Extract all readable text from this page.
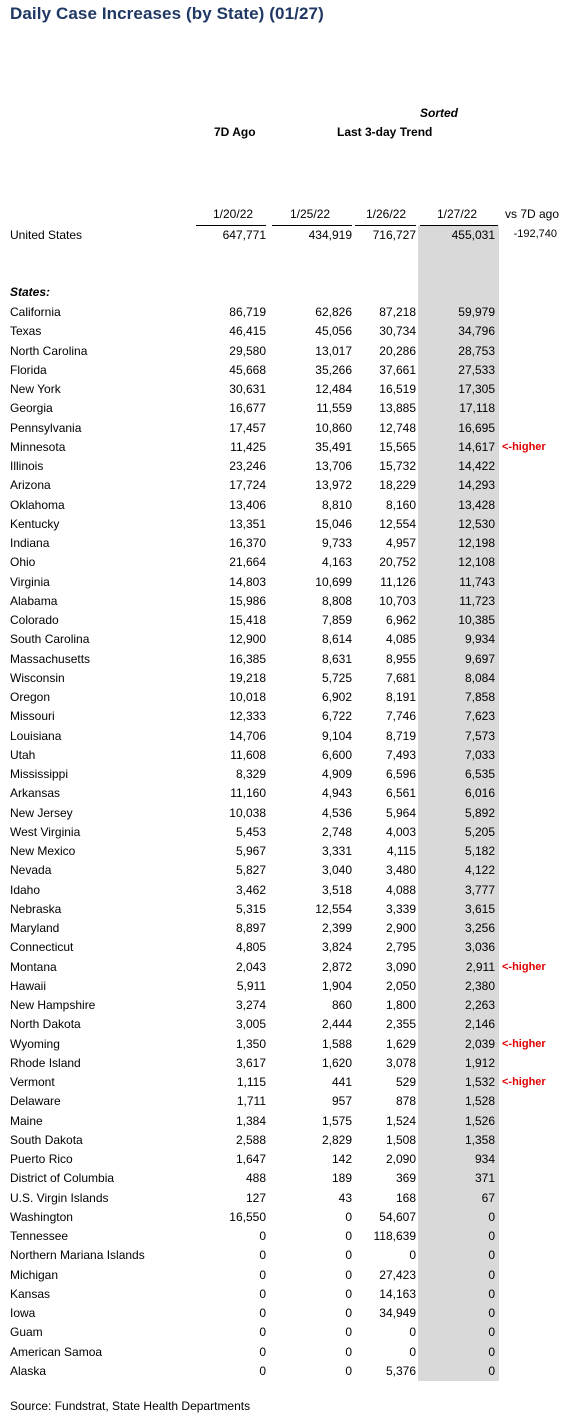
Daily Case Increases (by State) (01/27)
Sorted
7D Ago	Last 3-day Trend
1/20/22	1/25/22	1/26/22	1/27/22 vs 7D ago
United States	647,771	434,919 716,727	455,031 -192,740
States:
California	86,719	62,826 87,218	59,979
Texas	46,415	45,056 30,734	34,796
North Carolina	29,580	13,017 20,286	28,753
Florida	45,668	35,266 37,661	27,533
New York	30,631	12,484 16,519	17,305
Georgia	16,677	11,559 13,885	17,118
Pennsylvania	17,457	10,860 12,748	16,695
Minnesota	11,425	35,491 15,565	14,617 <-higher
Illinois	23,246	13,706 15,732	14,422
Arizona	17,724	13,972 18,229	14,293
Oklahoma	13,406	8,810	8,160	13,428
Kentucky	13,351	15,046 12,554	12,530
Indiana	16,370	9,733	4,957	12,198
Ohio	21,664	4,163 20,752	12,108
Virginia	14,803	10,699 11,126	11,743
Alabama	15,986	8,808 10,703	11,723
Colorado	15,418	7,859	6,962	10,385
South Carolina	12,900	8,614	4,085	9,934
Massachusetts	16,385	8,631	8,955	9,697
Wisconsin	19,218	5,725	7,681	8,084
Oregon	10,018	6,902	8,191	7,858
Missouri	12,333	6,722	7,746	7,623
Louisiana	14,706	9,104	8,719	7,573
Utah	11,608	6,600	7,493	7,033
Mississippi	8,329	4,909	6,596	6,535
Arkansas	11,160	4,943	6,561	6,016
New Jersey	10,038	4,536	5,964	5,892
West Virginia	5,453	2,748	4,003	5,205
New Mexico	5,967	3,331	4,115	5,182
Nevada	5,827	3,040	3,480	4,122
Idaho	3,462	3,518	4,088	3,777
Nebraska	5,315	12,554	3,339	3,615
Maryland	8,897	2,399	2,900	3,256
Connecticut	4,805	3,824	2,795	3,036
Montana	2,043	2,872	3,090	2,911 <-higher
Hawaii	5,911	1,904	2,050	2,380
New Hampshire	3,274	860	1,800	2,263
North Dakota	3,005	2,444	2,355	2,146
Wyoming	1,350	1,588	1,629	2,039 <-higher
Rhode Island	3,617	1,620	3,078	1,912
Vermont	1,115	441	529	1,532 <-higher
Delaware	1,711	957	878	1,528
Maine	1,384	1,575	1,524	1,526
South Dakota	2,588	2,829	1,508	1,358
Puerto Rico	1,647	142	2,090	934
District of Columbia	488	189	369	371
U.S. Virgin Islands	127	43	168	67
Washington	16,550	0 54,607	0
Tennessee	0	0 118,639	0
Northern Mariana Islands	0	0	0	0
Michigan	0	0 27,423	0
Kansas	0	0 14,163	0
Iowa	0	0 34,949	0
Guam	0	0	0	0
American Samoa	0	0	0	0
Alaska	0	0	5,376	0
Source: Fundstrat, State Health Departments
